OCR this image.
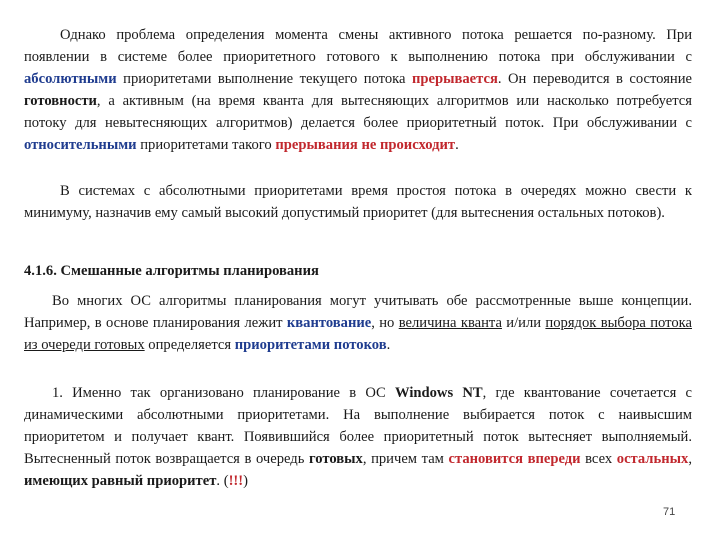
Однако проблема определения момента смены активного потока решается по-разному. При появлении в системе более приоритетного готового к выполнению потока при обслуживании с абсолютными приоритетами выполнение текущего потока прерывается. Он переводится в состояние готовности, а активным (на время кванта для вытесняющих алгоритмов или насколько потребуется потоку для невытесняющих алгоритмов) делается более приоритетный поток. При обслуживании с относительными приоритетами такого прерывания не происходит.

В системах с абсолютными приоритетами время простоя потока в очередях можно свести к минимуму, назначив ему самый высокий допустимый приоритет (для вытеснения остальных потоков).

4.1.6. Смешанные алгоритмы планирования

Во многих ОС алгоритмы планирования могут учитывать обе рассмотренные выше концепции. Например, в основе планирования лежит квантование, но величина кванта и/или порядок выбора потока из очереди готовых определяется приоритетами потоков.

1. Именно так организовано планирование в ОС Windows NT, где квантование сочетается с динамическими абсолютными приоритетами. На выполнение выбирается поток с наивысшим приоритетом и получает квант. Появившийся более приоритетный поток вытесняет выполняемый. Вытесненный поток возвращается в очередь готовых, причем там становится впереди всех остальных, имеющих равный приоритет. (!!!)

71
